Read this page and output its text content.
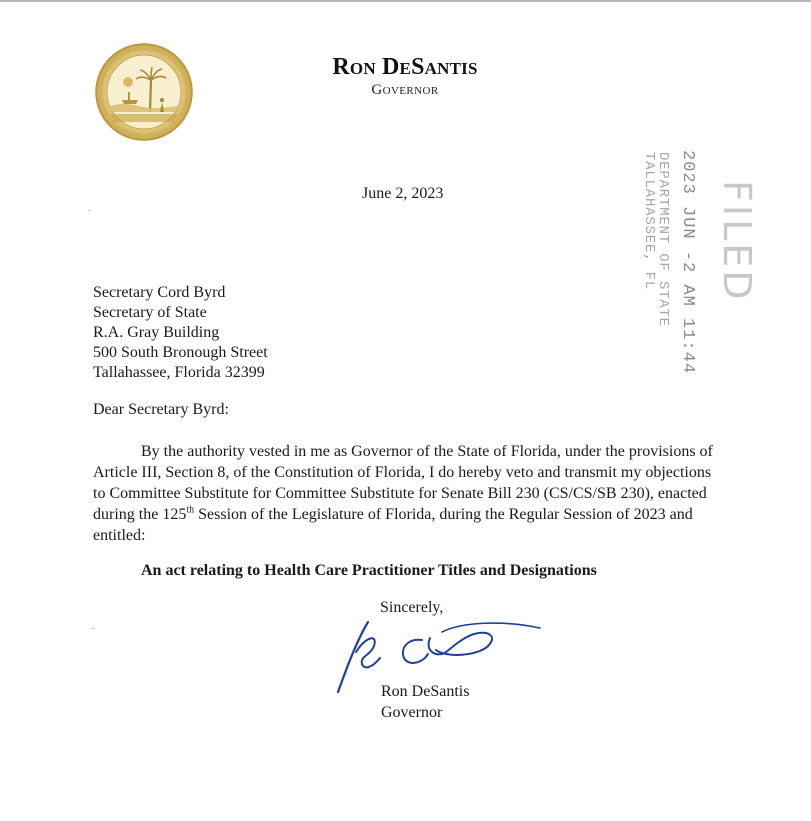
Ron DeSantis
Governor
2023 JUN -2 AM 11:44
DEPARTMENT OF STATE
TALLAHASSEE, FL FILED
June 2, 2023
Secretary Cord Byrd
Secretary of State
R.A. Gray Building
500 South Bronough Street
Tallahassee, Florida 32399
Dear Secretary Byrd:

By the authority vested in me as Governor of the State of Florida, under the provisions of Article III, Section 8, of the Constitution of Florida, I do hereby veto and transmit my objections to Committee Substitute for Committee Substitute for Senate Bill 230 (CS/CS/SB 230), enacted during the 125th Session of the Legislature of Florida, during the Regular Session of 2023 and entitled:

An act relating to Health Care Practitioner Titles and Designations
Sincerely,
Ron DeSantis
Governor
